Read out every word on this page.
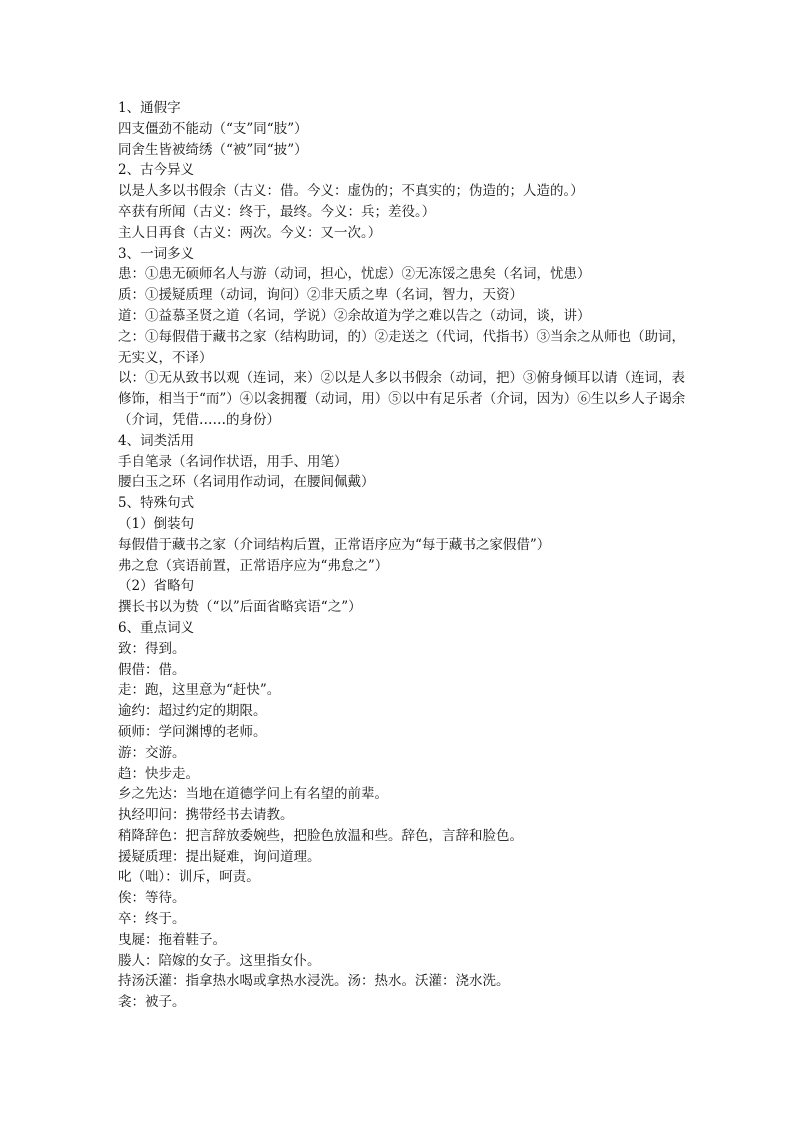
1、通假字
四支僵劲不能动（“支”同“肢”）
同舍生皆被绮绣（“被”同“披”）
2、古今异义
以是人多以书假余（古义：借。今义：虚伪的；不真实的；伪造的；人造的。）
卒获有所闻（古义：终于，最终。今义：兵；差役。）
主人日再食（古义：两次。今义：又一次。）
3、一词多义
患：①患无硕师名人与游（动词，担心，忧虑）②无冻馁之患矣（名词，忧患）
质：①援疑质理（动词，询问）②非天质之卑（名词，智力，天资）
道：①益慕圣贤之道（名词，学说）②余故道为学之难以告之（动词，谈，讲）
之：①每假借于藏书之家（结构助词，的）②走送之（代词，代指书）③当余之从师也（助词，无实义，不译）
以：①无从致书以观（连词，来）②以是人多以书假余（动词，把）③俯身倾耳以请（连词，表修饰，相当于“而”）④以衾拥覆（动词，用）⑤以中有足乐者（介词，因为）⑥生以乡人子谒余（介词，凭借……的身份）
4、词类活用
手自笔录（名词作状语，用手、用笔）
腰白玉之环（名词用作动词，在腰间佩戴）
5、特殊句式
（1）倒装句
每假借于藏书之家（介词结构后置，正常语序应为“每于藏书之家假借”）
弗之怠（宾语前置，正常语序应为“弗怠之”）
（2）省略句
撰长书以为贽（“以”后面省略宾语“之”）
6、重点词义
致：得到。
假借：借。
走：跑，这里意为“赶快”。
逾约：超过约定的期限。
硕师：学问渊博的老师。
游：交游。
趋：快步走。
乡之先达：当地在道德学问上有名望的前辈。
执经叩问：携带经书去请教。
稍降辞色：把言辞放委婉些，把脸色放温和些。辞色，言辞和脸色。
援疑质理：提出疑难，询问道理。
叱（咄）：训斥，呵责。
俟：等待。
卒：终于。
曳屣：拖着鞋子。
媵人：陪嫁的女子。这里指女仆。
持汤沃灌：指拿热水喝或拿热水浸洗。汤：热水。沃灌：浇水洗。
衾：被子。
